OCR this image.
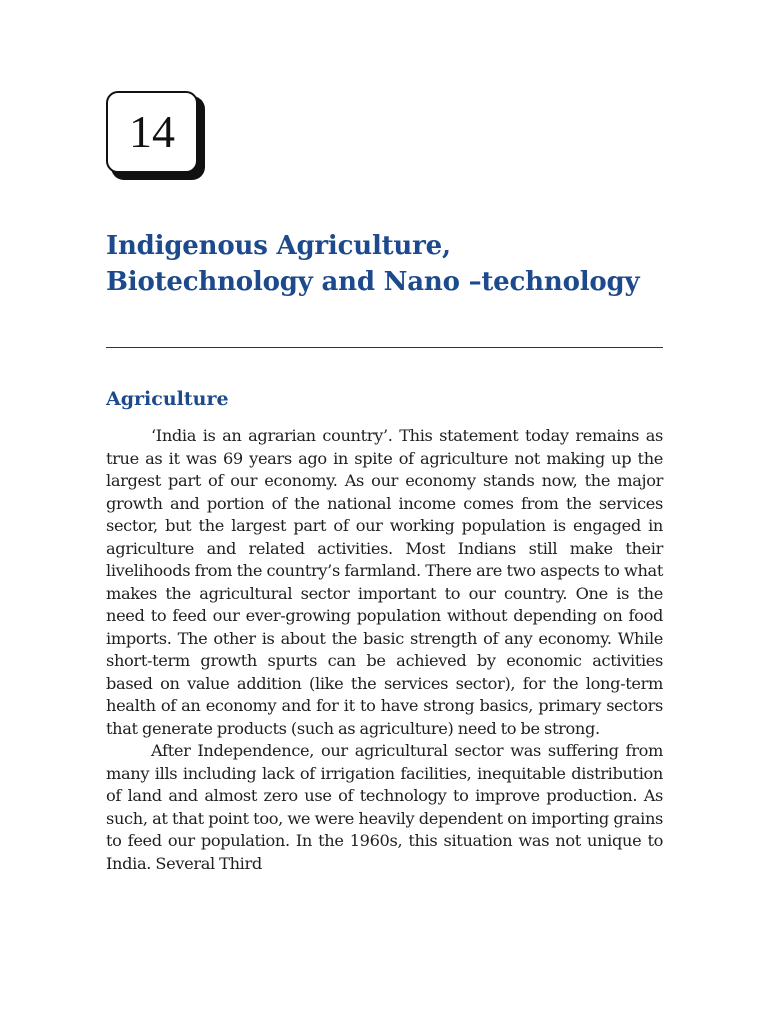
14
Indigenous Agriculture,
Biotechnology and Nano –technology
Agriculture

‘India is an agrarian country’. This statement today remains as true as it was 69 years ago in spite of agriculture not making up the largest part of our economy. As our economy stands now, the major growth and portion of the national income comes from the services sector, but the largest part of our working population is engaged in agriculture and related activities. Most Indians still make their livelihoods from the country’s farmland. There are two aspects to what makes the agricultural sector important to our country. One is the need to feed our ever-growing population without depending on food imports. The other is about the basic strength of any economy. While short-term growth spurts can be achieved by economic activities based on value addition (like the services sector), for the long-term health of an economy and for it to have strong basics, primary sectors that generate products (such as agriculture) need to be strong.

After Independence, our agricultural sector was suffering from many ills including lack of irrigation facilities, inequitable distribution of land and almost zero use of technology to improve production. As such, at that point too, we were heavily dependent on importing grains to feed our population. In the 1960s, this situation was not unique to India. Several Third
